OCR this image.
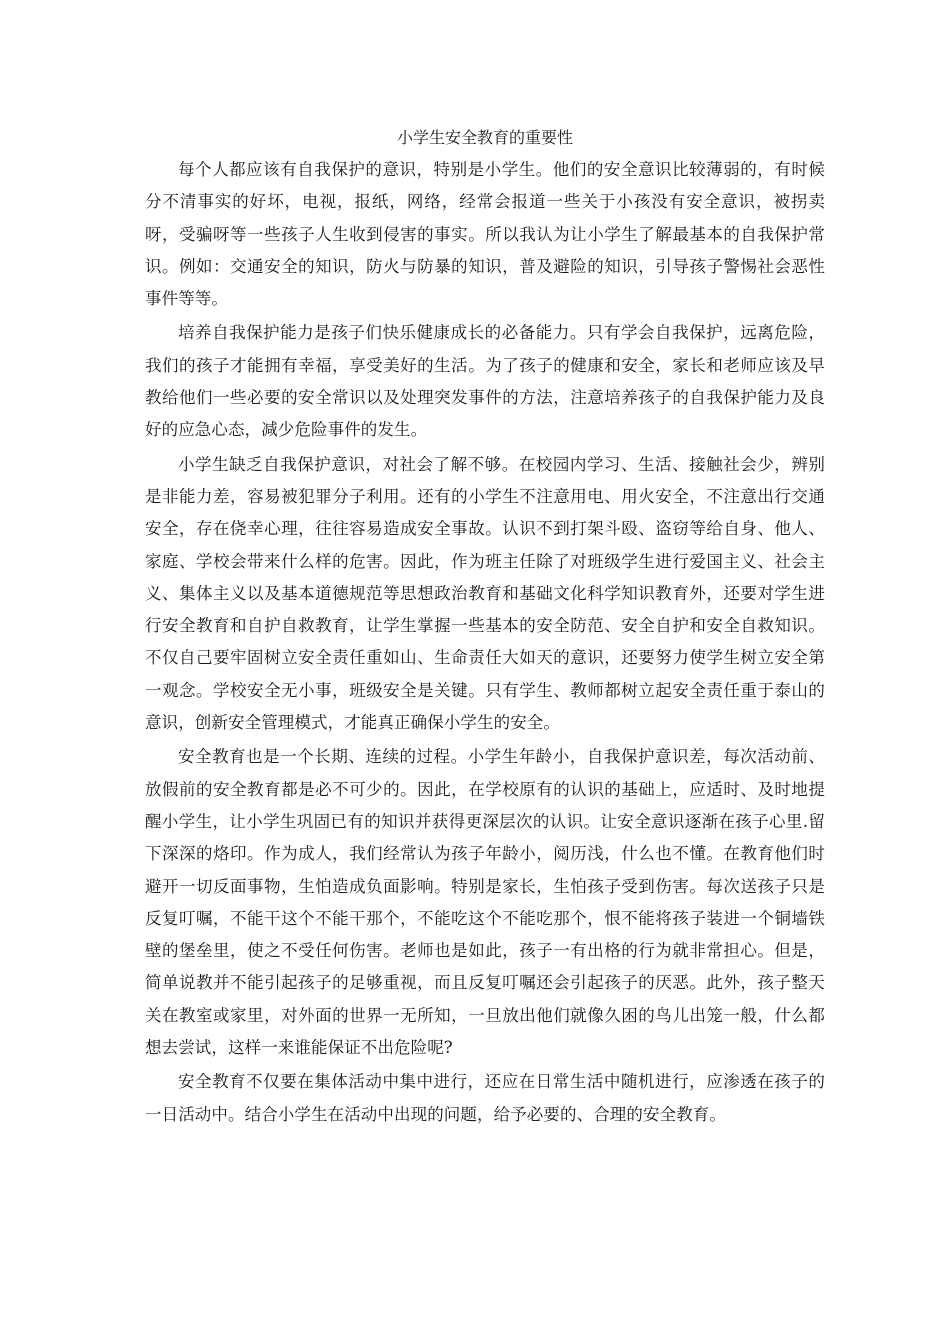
小学生安全教育的重要性

每个人都应该有自我保护的意识，特别是小学生。他们的安全意识比较薄弱的，有时候分不清事实的好坏，电视，报纸，网络，经常会报道一些关于小孩没有安全意识，被拐卖呀，受骗呀等一些孩子人生收到侵害的事实。所以我认为让小学生了解最基本的自我保护常识。例如：交通安全的知识，防火与防暴的知识，普及避险的知识，引导孩子警惕社会恶性事件等等。

培养自我保护能力是孩子们快乐健康成长的必备能力。只有学会自我保护，远离危险，我们的孩子才能拥有幸福，享受美好的生活。为了孩子的健康和安全，家长和老师应该及早教给他们一些必要的安全常识以及处理突发事件的方法，注意培养孩子的自我保护能力及良好的应急心态，减少危险事件的发生。

小学生缺乏自我保护意识，对社会了解不够。在校园内学习、生活、接触社会少，辨别是非能力差，容易被犯罪分子利用。还有的小学生不注意用电、用火安全，不注意出行交通安全，存在侥幸心理，往往容易造成安全事故。认识不到打架斗殴、盗窃等给自身、他人、家庭、学校会带来什么样的危害。因此，作为班主任除了对班级学生进行爱国主义、社会主义、集体主义以及基本道德规范等思想政治教育和基础文化科学知识教育外，还要对学生进行安全教育和自护自救教育，让学生掌握一些基本的安全防范、安全自护和安全自救知识。不仅自己要牢固树立安全责任重如山、生命责任大如天的意识，还要努力使学生树立安全第一观念。学校安全无小事，班级安全是关键。只有学生、教师都树立起安全责任重于泰山的意识，创新安全管理模式，才能真正确保小学生的安全。

安全教育也是一个长期、连续的过程。小学生年龄小，自我保护意识差，每次活动前、放假前的安全教育都是必不可少的。因此，在学校原有的认识的基础上，应适时、及时地提醒小学生，让小学生巩固已有的知识并获得更深层次的认识。让安全意识逐渐在孩子心里.留下深深的烙印。作为成人，我们经常认为孩子年龄小，阅历浅，什么也不懂。在教育他们时避开一切反面事物，生怕造成负面影响。特别是家长，生怕孩子受到伤害。每次送孩子只是反复叮嘱，不能干这个不能干那个，不能吃这个不能吃那个，恨不能将孩子装进一个铜墙铁壁的堡垒里，使之不受任何伤害。老师也是如此，孩子一有出格的行为就非常担心。但是，简单说教并不能引起孩子的足够重视，而且反复叮嘱还会引起孩子的厌恶。此外，孩子整天关在教室或家里，对外面的世界一无所知，一旦放出他们就像久困的鸟儿出笼一般，什么都想去尝试，这样一来谁能保证不出危险呢?

安全教育不仅要在集体活动中集中进行，还应在日常生活中随机进行，应渗透在孩子的一日活动中。结合小学生在活动中出现的问题，给予必要的、合理的安全教育。
